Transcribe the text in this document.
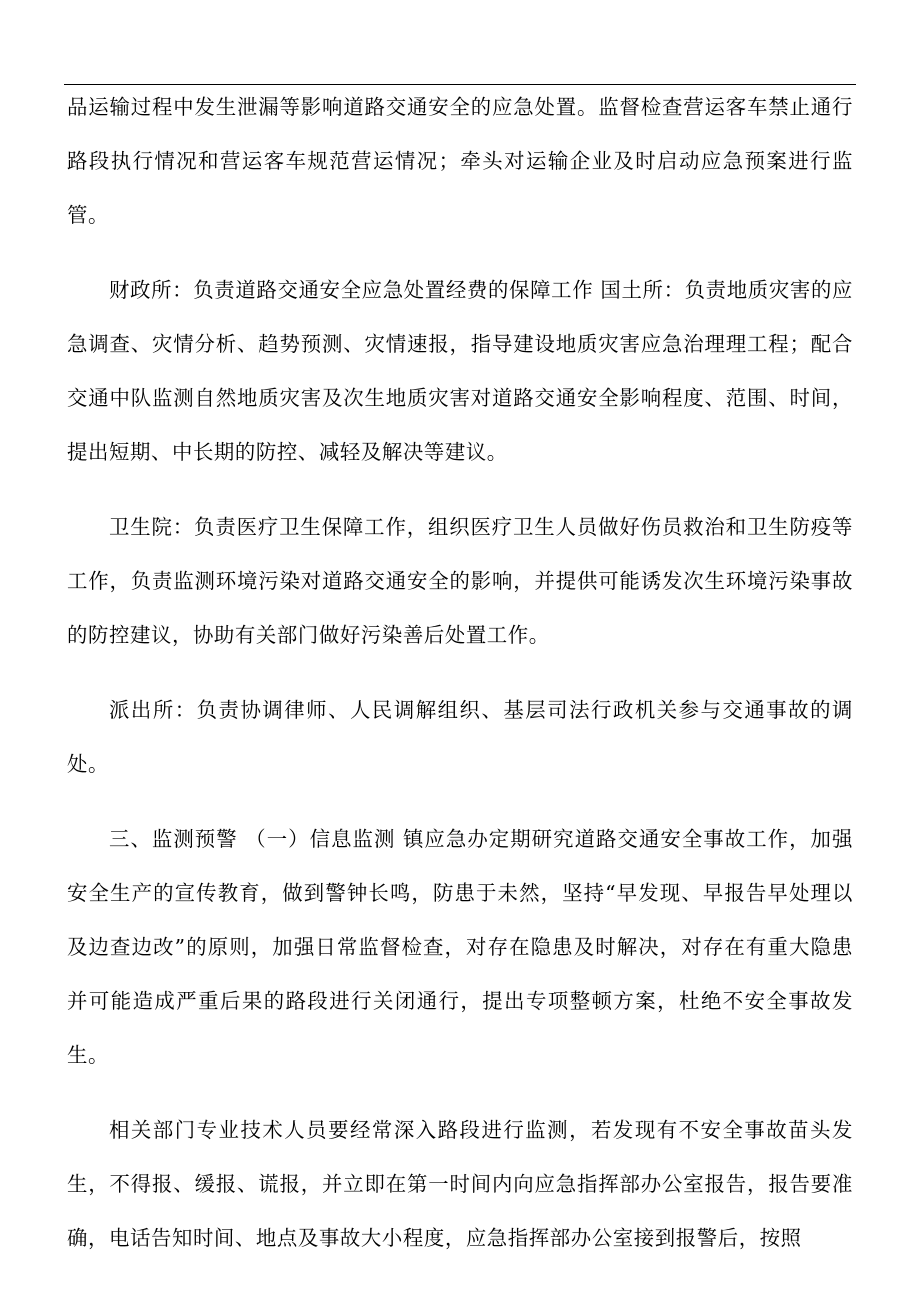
品运输过程中发生泄漏等影响道路交通安全的应急处置。监督检查营运客车禁止通行路段执行情况和营运客车规范营运情况；牵头对运输企业及时启动应急预案进行监管。

财政所：负责道路交通安全应急处置经费的保障工作 国土所：负责地质灾害的应急调查、灾情分析、趋势预测、灾情速报，指导建设地质灾害应急治理理工程；配合交通中队监测自然地质灾害及次生地质灾害对道路交通安全影响程度、范围、时间，提出短期、中长期的防控、减轻及解决等建议。

卫生院：负责医疗卫生保障工作，组织医疗卫生人员做好伤员救治和卫生防疫等工作，负责监测环境污染对道路交通安全的影响，并提供可能诱发次生环境污染事故的防控建议，协助有关部门做好污染善后处置工作。

派出所：负责协调律师、人民调解组织、基层司法行政机关参与交通事故的调处。

三、监测预警 （一）信息监测 镇应急办定期研究道路交通安全事故工作，加强安全生产的宣传教育，做到警钟长鸣，防患于未然，坚持“早发现、早报告早处理以及边查边改”的原则，加强日常监督检查，对存在隐患及时解决，对存在有重大隐患并可能造成严重后果的路段进行关闭通行，提出专项整顿方案，杜绝不安全事故发生。

相关部门专业技术人员要经常深入路段进行监测，若发现有不安全事故苗头发生，不得报、缓报、谎报，并立即在第一时间内向应急指挥部办公室报告，报告要准确，电话告知时间、地点及事故大小程度，应急指挥部办公室接到报警后，按照
